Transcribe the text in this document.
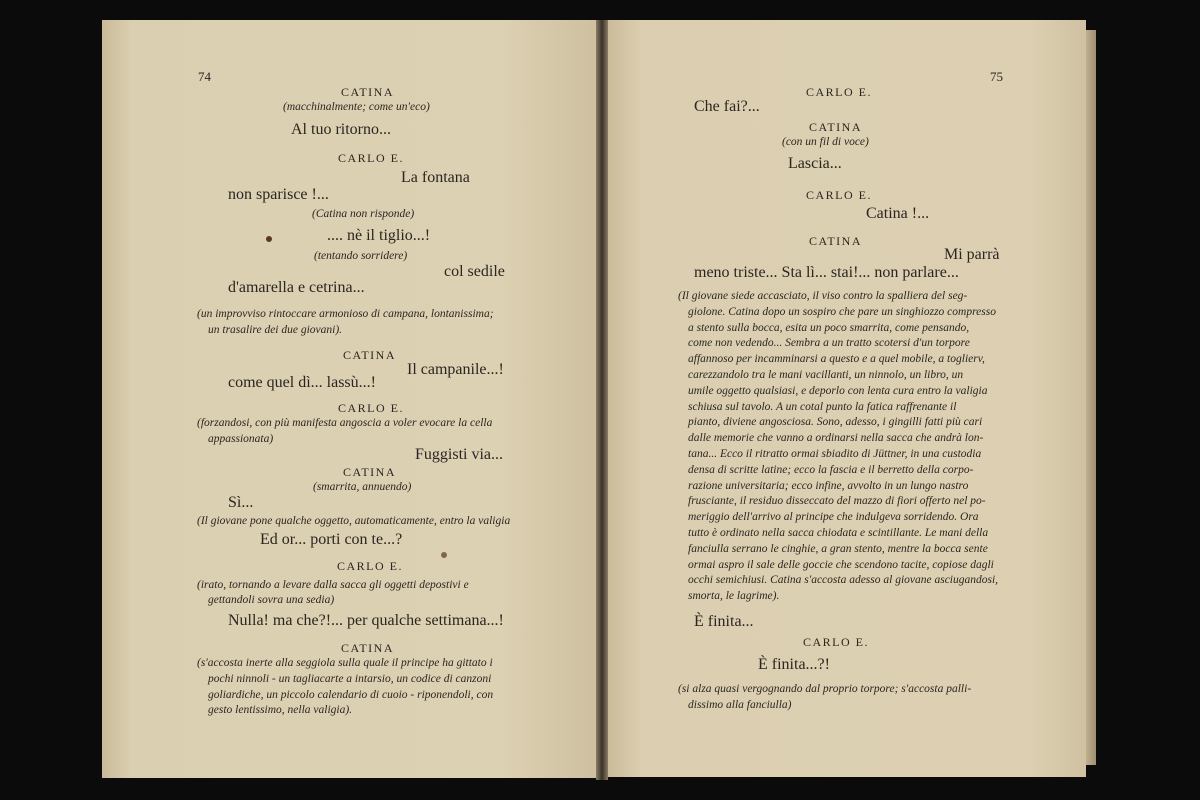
74
CATINA
(macchinalmente; come un'eco)
Al tuo ritorno...
CARLO E.
La fontana
non sparisce !...
(Catina non risponde)
.... nè il tiglio...!
(tentando sorridere)
col sedile
d'amarella e cetrina...
(un improvviso rintoccare armonioso di campana, lontanissima;
un trasalire dei due giovani).
CATINA
Il campanile...!
come quel dì... lassù...!
CARLO E.
(forzandosi, con più manifesta angoscia a voler evocare la cella
appassionata)
Fuggisti via...
CATINA
(smarrita, annuendo)
Sì...
(Il giovane pone qualche oggetto, automaticamente, entro la valigia
Ed or... porti con te...?
CARLO E.
(irato, tornando a levare dalla sacca gli oggetti depostivi e
gettandoli sovra una sedia)
Nulla! ma che?!... per qualche settimana...!
CATINA
(s'accosta inerte alla seggiola sulla quale il principe ha gittato i
pochi ninnoli - un tagliacarte a intarsio, un codice di canzoni
goliardiche, un piccolo calendario di cuoio - riponendoli, con
gesto lentissimo, nella valigia).
75
CARLO E.
Che fai?...
CATINA
(con un fil di voce)
Lascia...
CARLO E.
Catina !...
CATINA
Mi parrà
meno triste... Sta lì... stai!... non parlare...
(Il giovane siede accasciato, il viso contro la spalliera del seg-
giolone. Catina dopo un sospiro che pare un singhiozzo compresso
a stento sulla bocca, esita un poco smarrita, come pensando,
come non vedendo... Sembra a un tratto scotersi d'un torpore
affannoso per incamminarsi a questo e a quel mobile, a toglierv,
carezzandolo tra le mani vacillanti, un ninnolo, un libro, un
umile oggetto qualsiasi, e deporlo con lenta cura entro la valigia
schiusa sul tavolo. A un cotal punto la fatica raffrenante il
pianto, diviene angosciosa. Sono, adesso, i gingilli fatti più cari
dalle memorie che vanno a ordinarsi nella sacca che andrà lon-
tana... Ecco il ritratto ormai sbiadito di Jüttner, in una custodia
densa di scritte latine; ecco la fascia e il berretto della corpo-
razione universitaria; ecco infine, avvolto in un lungo nastro
frusciante, il residuo disseccato del mazzo di fiori offerto nel po-
meriggio dell'arrivo al principe che indulgeva sorridendo. Ora
tutto è ordinato nella sacca chiodata e scintillante. Le mani della
fanciulla serrano le cinghie, a gran stento, mentre la bocca sente
ormai aspro il sale delle goccie che scendono tacite, copiose dagli
occhi semichiusi. Catina s'accosta adesso al giovane asciugandosi,
smorta, le lagrime).
È finita...
CARLO E.
È finita...?!
(si alza quasi vergognando dal proprio torpore; s'accosta palli-
dissimo alla fanciulla)
